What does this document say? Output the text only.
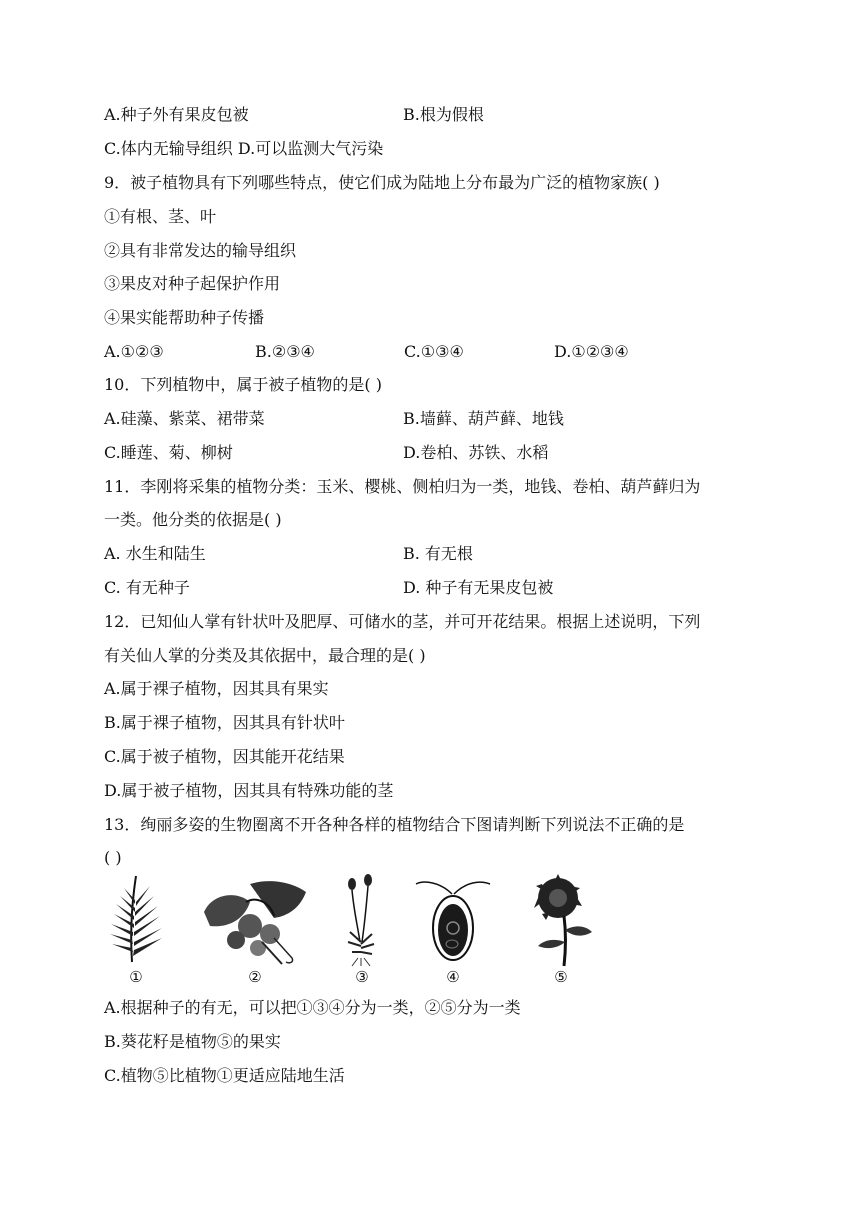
A.种子外有果皮包被	B.根为假根
C.体内无输导组织 D.可以监测大气污染
9．被子植物具有下列哪些特点，使它们成为陆地上分布最为广泛的植物家族( )
①有根、茎、叶
②具有非常发达的输导组织
③果皮对种子起保护作用
④果实能帮助种子传播
A.①②③	B.②③④	C.①③④	D.①②③④
10．下列植物中，属于被子植物的是( )
A.硅藻、紫菜、裙带菜	B.墙藓、葫芦藓、地钱
C.睡莲、菊、柳树	D.卷柏、苏铁、水稻
11．李刚将采集的植物分类：玉米、樱桃、侧柏归为一类，地钱、卷柏、葫芦藓归为
一类。他分类的依据是( )
A. 水生和陆生	B. 有无根
C. 有无种子	D. 种子有无果皮包被
12．已知仙人掌有针状叶及肥厚、可储水的茎，并可开花结果。根据上述说明，下列
有关仙人掌的分类及其依据中，最合理的是( )
A.属于裸子植物，因其具有果实
B.属于裸子植物，因其具有针状叶
C.属于被子植物，因其能开花结果
D.属于被子植物，因其具有特殊功能的茎
13．绚丽多姿的生物圈离不开各种各样的植物结合下图请判断下列说法不正确的是
( )
①	②	③	④	⑤
A.根据种子的有无，可以把①③④分为一类，②⑤分为一类
B.葵花籽是植物⑤的果实
C.植物⑤比植物①更适应陆地生活
